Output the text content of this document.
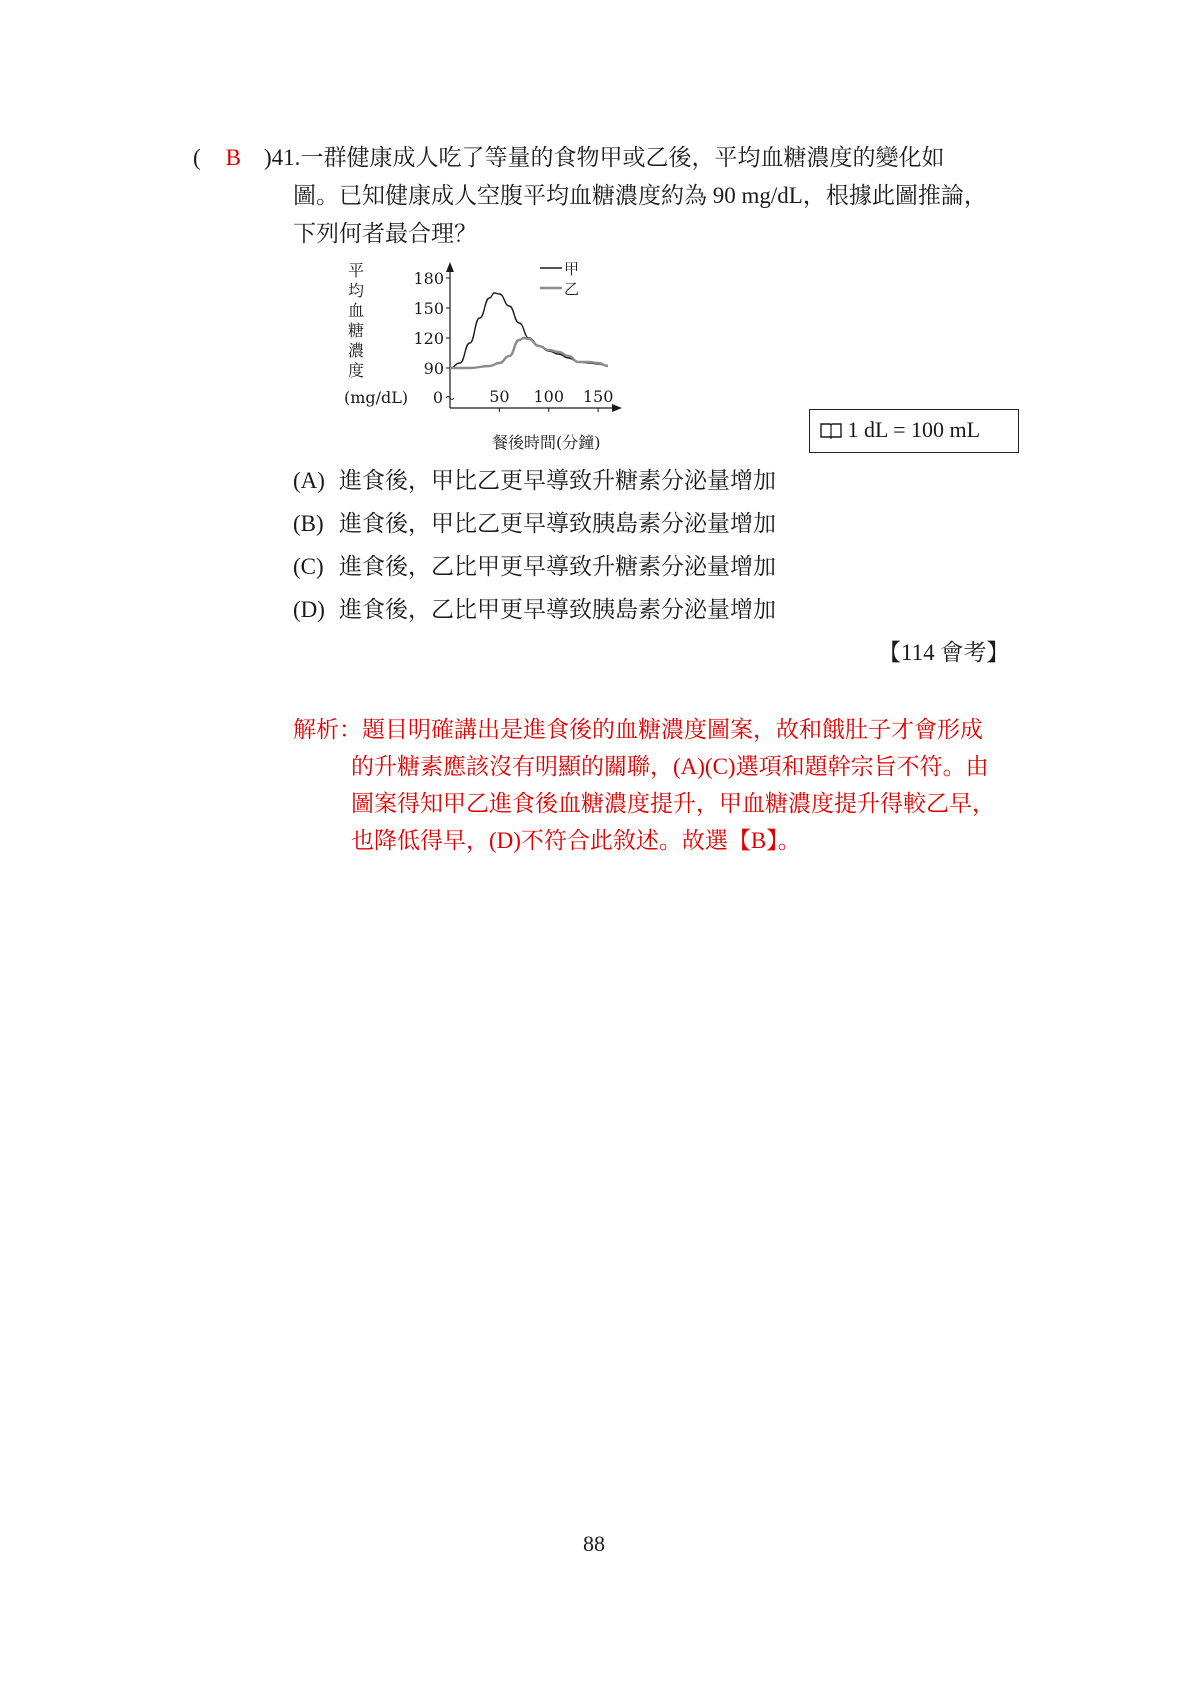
( B )41.一群健康成人吃了等量的食物甲或乙後，平均血糖濃度的變化如
圖。已知健康成人空腹平均血糖濃度約為 90 mg/dL，根據此圖推論，
下列何者最合理？
平
均
血
糖
濃
度
(mg/dL)
90
120
150
180
0	50 100 150
甲
乙
餐後時間(分鐘)
1 dL = 100 mL
(A) 進食後，甲比乙更早導致升糖素分泌量增加
(B) 進食後，甲比乙更早導致胰島素分泌量增加
(C) 進食後，乙比甲更早導致升糖素分泌量增加
(D) 進食後，乙比甲更早導致胰島素分泌量增加
【114 會考】
解析：題目明確講出是進食後的血糖濃度圖案，故和餓肚子才會形成
的升糖素應該沒有明顯的關聯，(A)(C)選項和題幹宗旨不符。由
圖案得知甲乙進食後血糖濃度提升，甲血糖濃度提升得較乙早，
也降低得早，(D)不符合此敘述。故選【B】。
88
